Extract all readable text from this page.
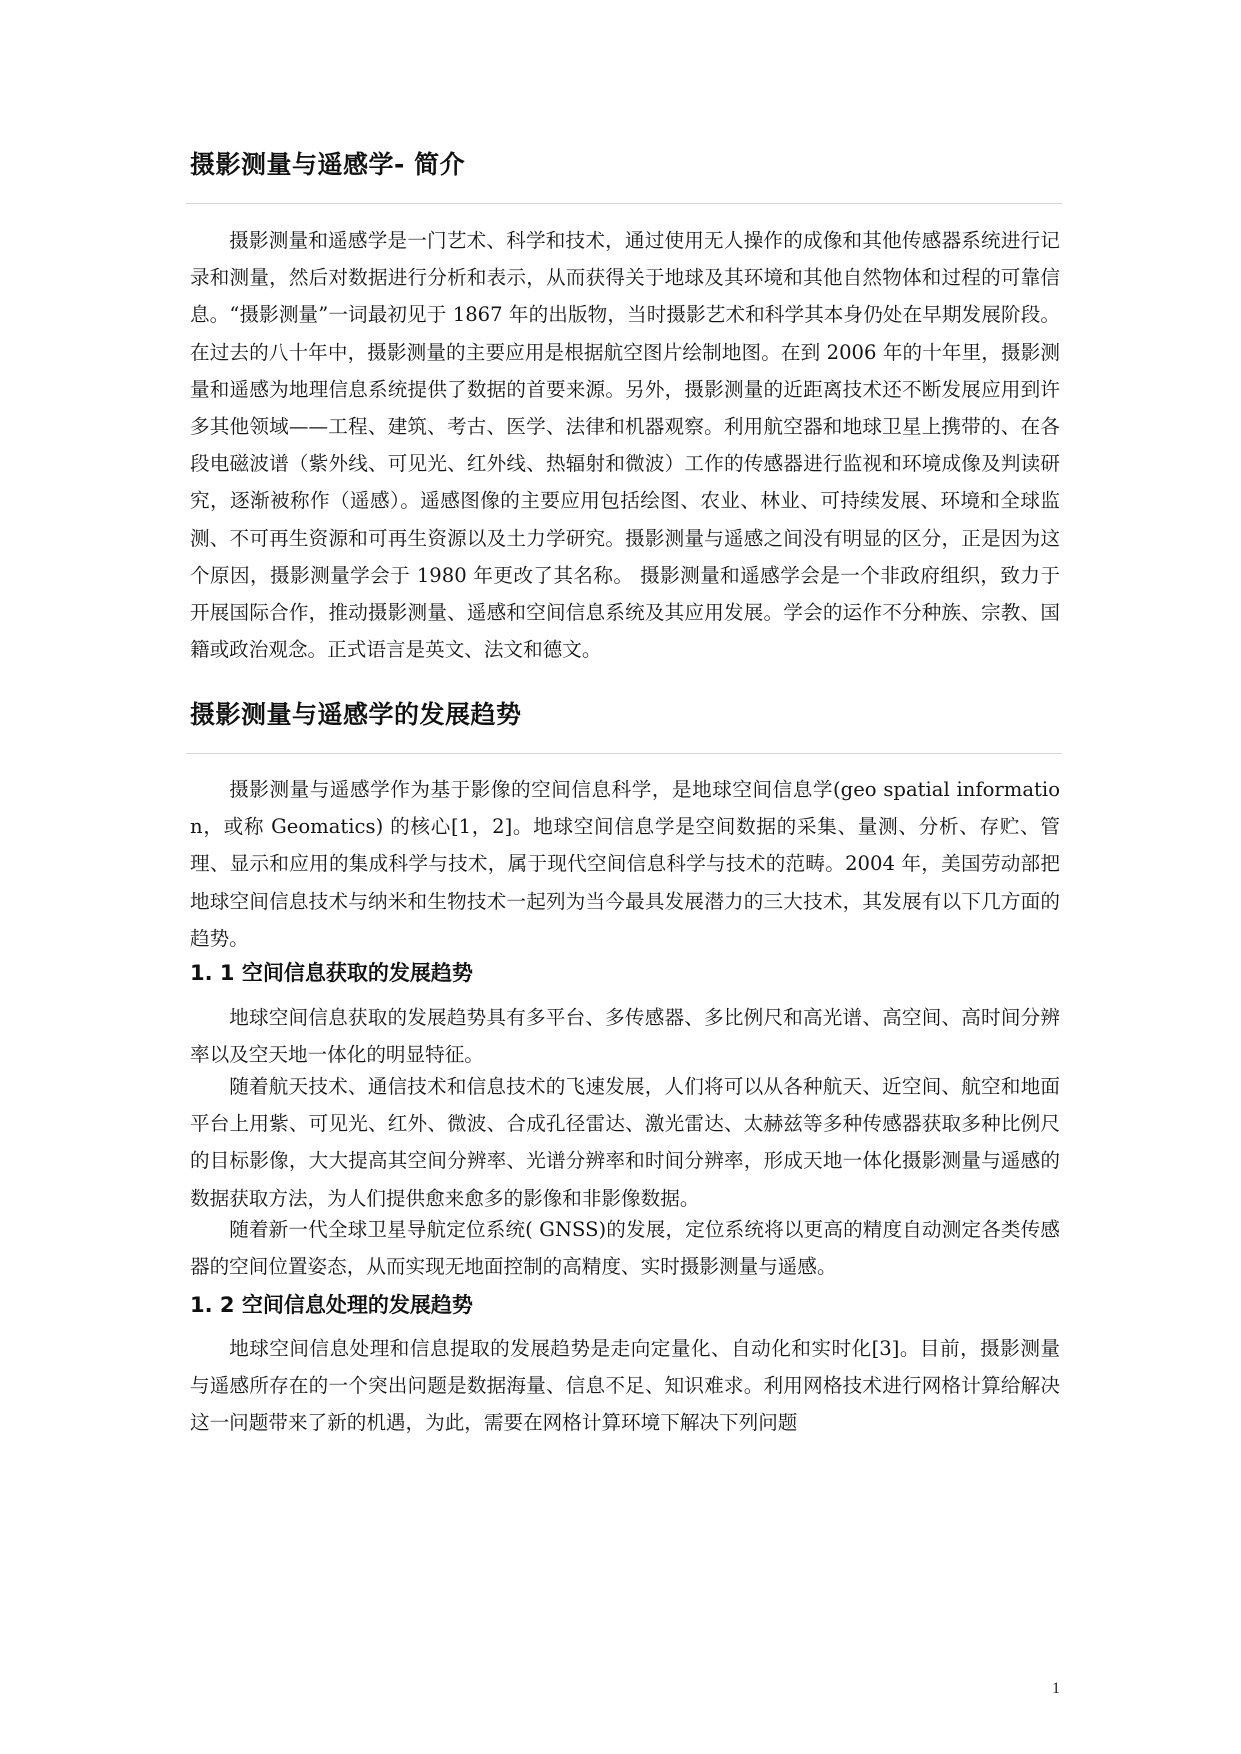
摄影测量与遥感学- 简介

摄影测量和遥感学是一门艺术、科学和技术，通过使用无人操作的成像和其他传感器系统进行记录和测量，然后对数据进行分析和表示，从而获得关于地球及其环境和其他自然物体和过程的可靠信息。“摄影测量”一词最初见于 1867 年的出版物，当时摄影艺术和科学其本身仍处在早期发展阶段。在过去的八十年中，摄影测量的主要应用是根据航空图片绘制地图。在到 2006 年的十年里，摄影测量和遥感为地理信息系统提供了数据的首要来源。另外，摄影测量的近距离技术还不断发展应用到许多其他领域——工程、建筑、考古、医学、法律和机器观察。利用航空器和地球卫星上携带的、在各段电磁波谱（紫外线、可见光、红外线、热辐射和微波）工作的传感器进行监视和环境成像及判读研究，逐渐被称作（遥感）。遥感图像的主要应用包括绘图、农业、林业、可持续发展、环境和全球监测、不可再生资源和可再生资源以及土力学研究。摄影测量与遥感之间没有明显的区分，正是因为这个原因，摄影测量学会于 1980 年更改了其名称。 摄影测量和遥感学会是一个非政府组织，致力于开展国际合作，推动摄影测量、遥感和空间信息系统及其应用发展。学会的运作不分种族、宗教、国籍或政治观念。正式语言是英文、法文和德文。

摄影测量与遥感学的发展趋势

摄影测量与遥感学作为基于影像的空间信息科学，是地球空间信息学(geo spatial information，或称 Geomatics) 的核心[1，2]。地球空间信息学是空间数据的采集、量测、分析、存贮、管理、显示和应用的集成科学与技术，属于现代空间信息科学与技术的范畴。2004 年，美国劳动部把地球空间信息技术与纳米和生物技术一起列为当今最具发展潜力的三大技术，其发展有以下几方面的趋势。

1. 1 空间信息获取的发展趋势

地球空间信息获取的发展趋势具有多平台、多传感器、多比例尺和高光谱、高空间、高时间分辨率以及空天地一体化的明显特征。

随着航天技术、通信技术和信息技术的飞速发展，人们将可以从各种航天、近空间、航空和地面平台上用紫、可见光、红外、微波、合成孔径雷达、激光雷达、太赫兹等多种传感器获取多种比例尺的目标影像，大大提高其空间分辨率、光谱分辨率和时间分辨率，形成天地一体化摄影测量与遥感的数据获取方法，为人们提供愈来愈多的影像和非影像数据。

随着新一代全球卫星导航定位系统( GNSS)的发展，定位系统将以更高的精度自动测定各类传感器的空间位置姿态，从而实现无地面控制的高精度、实时摄影测量与遥感。

1. 2 空间信息处理的发展趋势

地球空间信息处理和信息提取的发展趋势是走向定量化、自动化和实时化[3]。目前，摄影测量与遥感所存在的一个突出问题是数据海量、信息不足、知识难求。利用网格技术进行网格计算给解决这一问题带来了新的机遇，为此，需要在网格计算环境下解决下列问题

1
